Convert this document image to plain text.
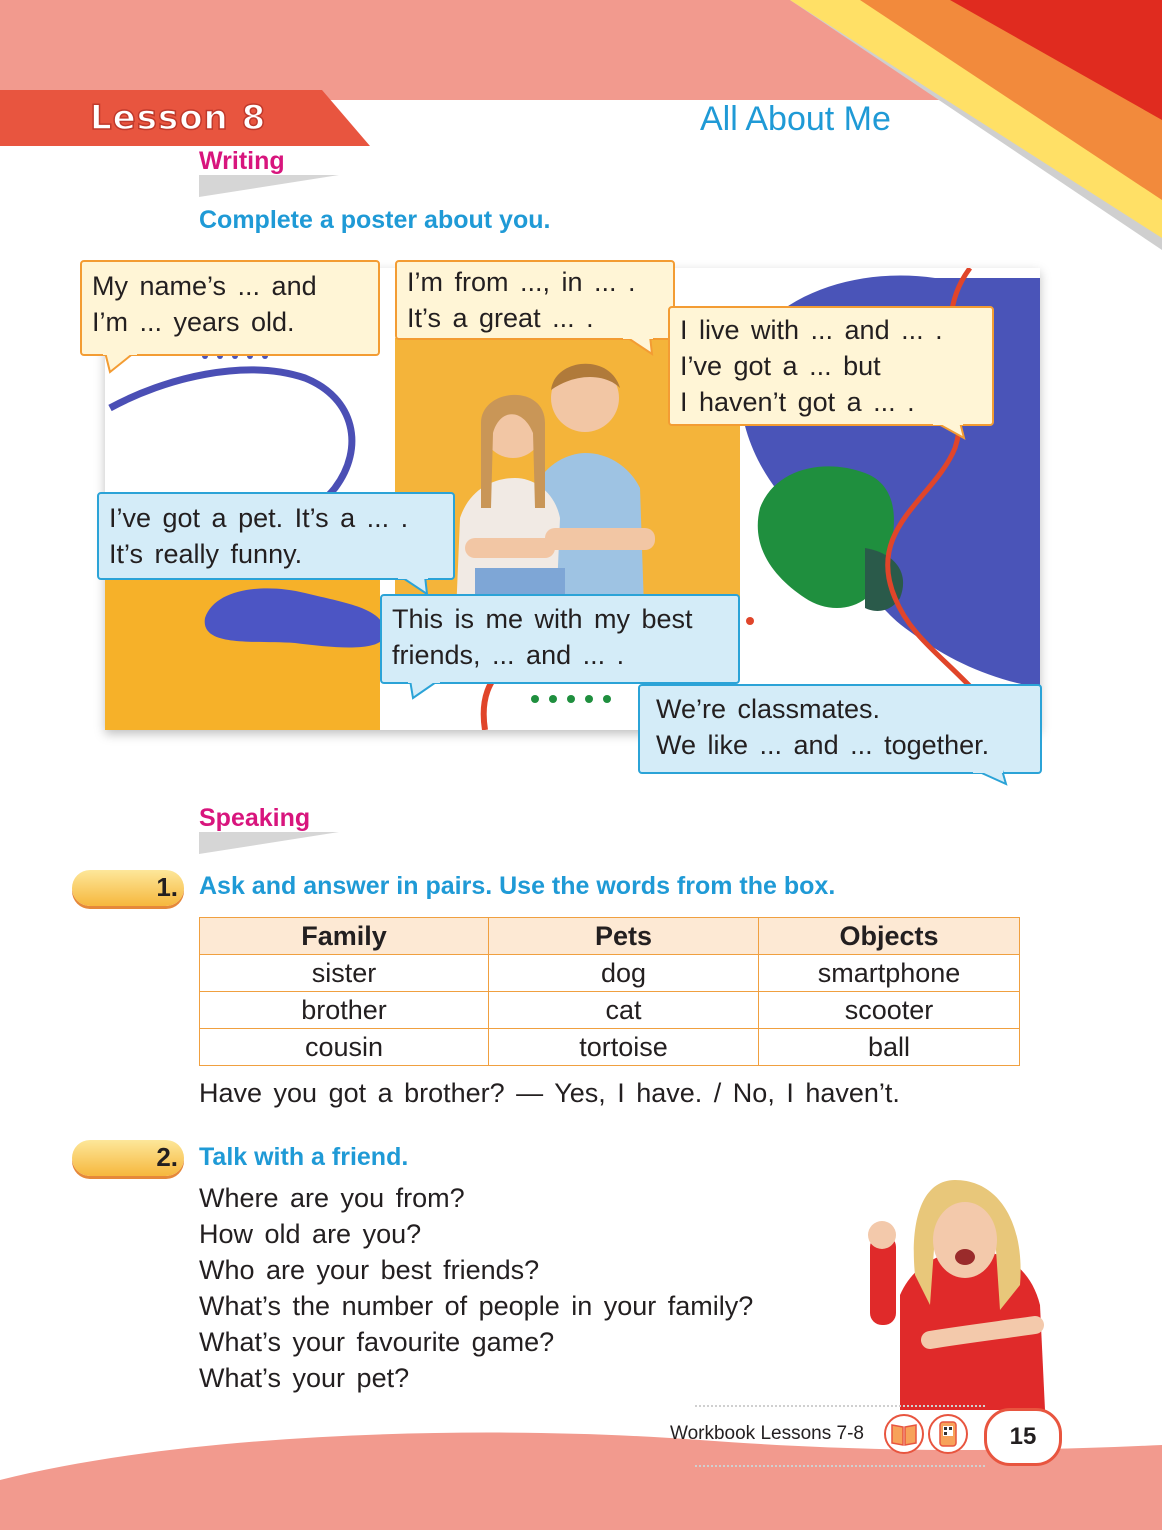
Lesson 8	All About Me
Writing
Complete a poster about you.
My name’s ... and
I’m ... years old.
I’m from ..., in ... .
It’s a great ... .	I live with ... and ... .
I’ve got a ... but
I haven’t got a ... .
I’ve got a pet. It’s a ... .
It’s really funny.
This is me with my best
friends, ... and ... .
We’re classmates.
We like ... and ... together.
Speaking
1. Ask and answer in pairs. Use the words from the box.
Family	Pets	Objects
sister	dog	smartphone
brother	cat	scooter
cousin	tortoise	ball
Have you got a brother? — Yes, I have. / No, I haven’t.
2. Talk with a friend.
Where are you from?
How old are you?
Who are your best friends?
What’s the number of people in your family?
What’s your favourite game?
What’s your pet?
Workbook Lessons 7-8	15
